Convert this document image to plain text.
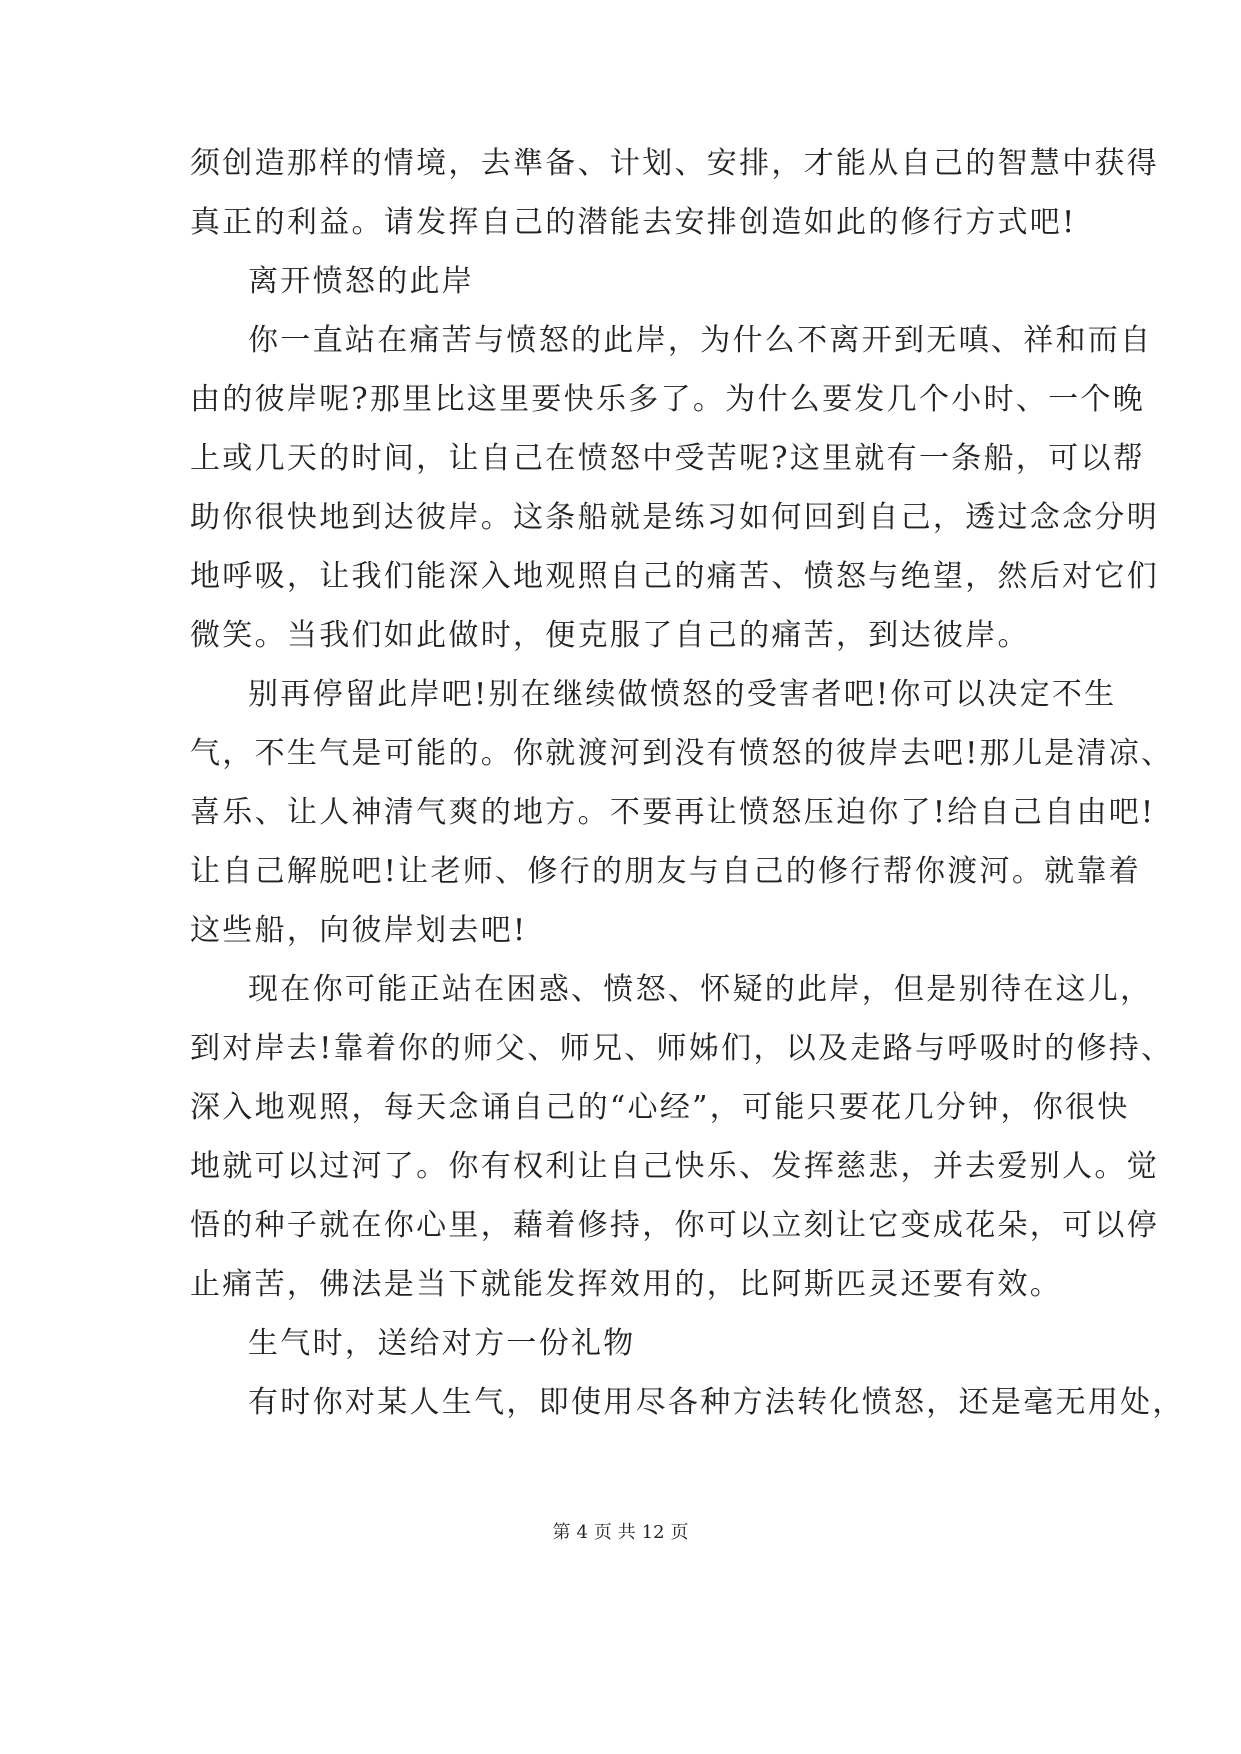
须创造那样的情境，去準备、计划、安排，才能从自己的智慧中获得
真正的利益。请发挥自己的潜能去安排创造如此的修行方式吧!
离开愤怒的此岸
你一直站在痛苦与愤怒的此岸，为什么不离开到无嗔、祥和而自
由的彼岸呢?那里比这里要快乐多了。为什么要发几个小时、一个晚
上或几天的时间，让自己在愤怒中受苦呢?这里就有一条船，可以帮
助你很快地到达彼岸。这条船就是练习如何回到自己，透过念念分明
地呼吸，让我们能深入地观照自己的痛苦、愤怒与绝望，然后对它们
微笑。当我们如此做时，便克服了自己的痛苦，到达彼岸。
别再停留此岸吧!别在继续做愤怒的受害者吧!你可以决定不生
气，不生气是可能的。你就渡河到没有愤怒的彼岸去吧!那儿是清凉、
喜乐、让人神清气爽的地方。不要再让愤怒压迫你了!给自己自由吧!
让自己解脱吧!让老师、修行的朋友与自己的修行帮你渡河。就靠着
这些船，向彼岸划去吧!
现在你可能正站在困惑、愤怒、怀疑的此岸，但是别待在这儿，
到对岸去!靠着你的师父、师兄、师姊们，以及走路与呼吸时的修持、
深入地观照，每天念诵自己的“心经”，可能只要花几分钟，你很快
地就可以过河了。你有权利让自己快乐、发挥慈悲，并去爱别人。觉
悟的种子就在你心里，藉着修持，你可以立刻让它变成花朵，可以停
止痛苦，佛法是当下就能发挥效用的，比阿斯匹灵还要有效。
生气时，送给对方一份礼物
有时你对某人生气，即使用尽各种方法转化愤怒，还是毫无用处，
第 4 页 共 12 页
